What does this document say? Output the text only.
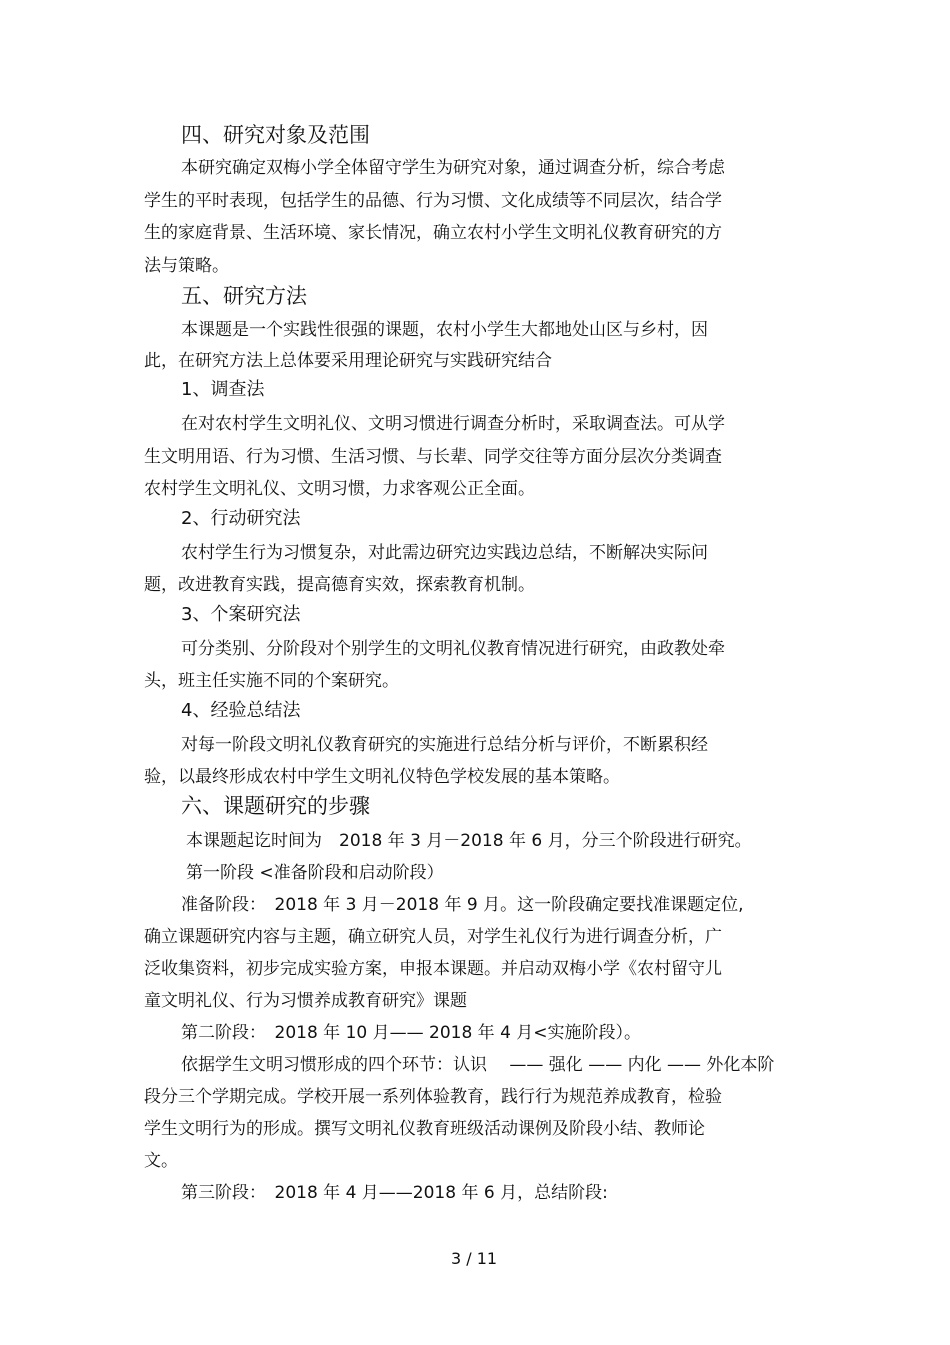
四、研究对象及范围
本研究确定双梅小学全体留守学生为研究对象，通过调查分析，综合考虑
学生的平时表现，包括学生的品德、行为习惯、文化成绩等不同层次，结合学
生的家庭背景、生活环境、家长情况，确立农村小学生文明礼仪教育研究的方
法与策略。
五、研究方法
本课题是一个实践性很强的课题，农村小学生大都地处山区与乡村，因
此，在研究方法上总体要采用理论研究与实践研究结合
1、调查法
在对农村学生文明礼仪、文明习惯进行调查分析时，采取调查法。可从学
生文明用语、行为习惯、生活习惯、与长辈、同学交往等方面分层次分类调查
农村学生文明礼仪、文明习惯，力求客观公正全面。
2、行动研究法
农村学生行为习惯复杂，对此需边研究边实践边总结，不断解决实际问
题，改进教育实践，提高德育实效，探索教育机制。
3、个案研究法
可分类别、分阶段对个别学生的文明礼仪教育情况进行研究，由政教处牵
头，班主任实施不同的个案研究。
4、经验总结法
对每一阶段文明礼仪教育研究的实施进行总结分析与评价，不断累积经
验，以最终形成农村中学生文明礼仪特色学校发展的基本策略。
六、课题研究的步骤
本课题起讫时间为　2018 年 3 月－2018 年 6 月，分三个阶段进行研究。
第一阶段 <准备阶段和启动阶段）
准备阶段：　2018 年 3 月－2018 年 9 月。这一阶段确定要找准课题定位,
确立课题研究内容与主题，确立研究人员，对学生礼仪行为进行调查分析，广
泛收集资料，初步完成实验方案，申报本课题。并启动双梅小学《农村留守儿
童文明礼仪、行为习惯养成教育研究》课题
第二阶段：　2018 年 10 月—— 2018 年 4 月<实施阶段）。
依据学生文明习惯形成的四个环节：认识　 —— 强化 —— 内化 —— 外化本阶
段分三个学期完成。学校开展一系列体验教育，践行行为规范养成教育，检验
学生文明行为的形成。撰写文明礼仪教育班级活动课例及阶段小结、教师论
文。
第三阶段：　2018 年 4 月——2018 年 6 月，总结阶段:
3 / 11
